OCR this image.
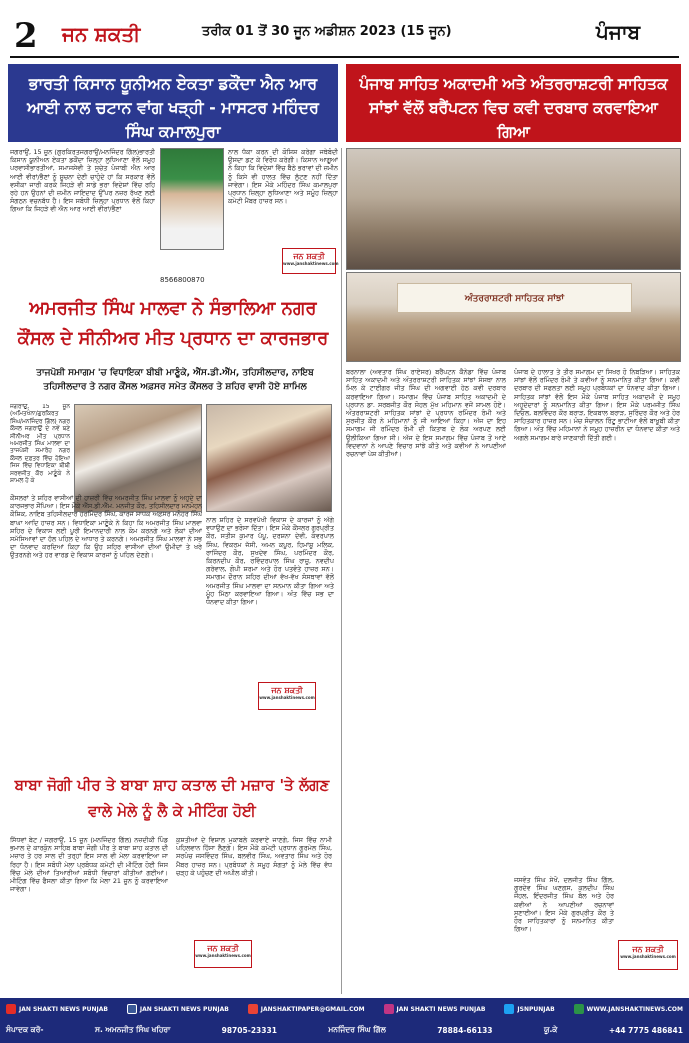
2 ਜਨ ਸ਼ਕਤੀ	ਤਰੀਕ 01 ਤੋਂ 30 ਜੂਨ ਅਡੀਸ਼ਨ 2023 (15 ਜੂਨ)	ਪੰਜਾਬ
ਭਾਰਤੀ ਕਿਸਾਨ ਯੂਨੀਅਨ ਏਕਤਾ ਡਕੌਂਦਾ ਐਨ ਆਰ ਆਈ ਨਾਲ ਚਟਾਨ ਵਾਂਗ ਖੜ੍ਹੀ - ਮਾਸਟਰ ਮਹਿੰਦਰ ਸਿੰਘ ਕਮਾਲਪੁਰਾ
ਜਗਰਾਉਂ, 15 ਜੂਨ (ਗੁਰਕਿਰਤਜਗਰਾਉਂ/ਮਨਜਿੰਦਰ ਗਿੱਲ)ਭਾਰਤੀ ਕਿਸਾਨ ਯੂਨੀਅਨ ਏਕਤਾ ਡਕੌਂਦਾ ਜ਼ਿਲ੍ਹਾ ਲੁਧਿਆਣਾ ਵੱਲੋਂ ਸਮੂਹ ਪਰਵਾਸੀਭਾਰਤੀਆਂ, ਸਮਾਜਸੇਵੀ ਤੇ ਸੁਚੇਤ ਪੰਜਾਬੀ ਐਨ ਆਰ ਆਈ ਵੀਰਾਂ/ਭੈਣਾਂ ਨੂੰ ਸੂਚਨਾ ਦੇਣੀ ਚਾਹੁੰਦੇ ਹਾਂ ਕਿ ਸਰਕਾਰ ਵੱਲੋਂ ਵਸੀਕਾ ਜਾਰੀ ਕਰਕੇ ਜਿਹੜੇ ਵੀ ਸਾਡੇ ਭਰਾ ਵਿਦੇਸ਼ਾਂ ਵਿੱਚ ਰਹਿ ਰਹੇ ਹਨ ਉਹਨਾਂ ਦੀ ਜ਼ਮੀਨ ਜਾਇਦਾਦ ਉੱਪਰ ਨਜ਼ਰ ਰੱਖਣ ਲਈ ਸੰਗਠਨ ਵਚਨਬੱਧ ਹੈ। ਇਸ ਸਬੰਧੀ ਜ਼ਿਲ੍ਹਾ ਪ੍ਰਧਾਨ ਵੱਲੋਂ ਕਿਹਾ ਗਿਆ ਕਿ ਜਿਹੜੇ ਵੀ ਐਨ ਆਰ ਆਈ ਵੀਰਾਂ/ਭੈਣਾਂ
ਨਾਲ ਧੱਕਾ ਕਰਨ ਦੀ ਕੋਸ਼ਿਸ਼ ਕਰੇਗਾ ਜਥੇਬੰਦੀ ਉਸਦਾ ਡਟ ਕੇ ਵਿਰੋਧ ਕਰੇਗੀ। ਕਿਸਾਨ ਆਗੂਆਂ ਨੇ ਕਿਹਾ ਕਿ ਵਿਦੇਸ਼ਾਂ ਵਿੱਚ ਬੈਠੇ ਭਰਾਵਾਂ ਦੀ ਜ਼ਮੀਨ ਨੂੰ ਕਿਸੇ ਵੀ ਹਾਲਤ ਵਿੱਚ ਲੁੱਟਣ ਨਹੀਂ ਦਿੱਤਾ ਜਾਵੇਗਾ। ਇਸ ਮੌਕੇ ਮਹਿੰਦਰ ਸਿੰਘ ਕਮਾਲਪੁਰਾ ਪ੍ਰਧਾਨ ਜ਼ਿਲ੍ਹਾ ਲੁਧਿਆਣਾ ਅਤੇ ਸਮੂੰਹ ਜ਼ਿਲ੍ਹਾ ਕਮੇਟੀ ਮੈਂਬਰ ਹਾਜ਼ਰ ਸਨ।
ਜਨ ਸ਼ਕਤੀ
www.janshaktinews.com
8566800870
ਪੰਜਾਬ ਸਾਹਿਤ ਅਕਾਦਮੀ ਅਤੇ ਅੰਤਰਰਾਸ਼ਟਰੀ ਸਾਹਿਤਕ ਸਾਂਝਾਂ ਵੱਲੋਂ ਬਰੈਂਪਟਨ ਵਿਚ ਕਵੀ ਦਰਬਾਰ ਕਰਵਾਇਆ ਗਿਆ
ਅੰਤਰਰਾਸ਼ਟਰੀ ਸਾਹਿਤਕ ਸਾਂਝਾਂ
ਅਮਰਜੀਤ ਸਿੰਘ ਮਾਲਵਾ ਨੇ ਸੰਭਾਲਿਆ ਨਗਰ ਕੌਂਸਲ ਦੇ ਸੀਨੀਅਰ ਮੀਤ ਪ੍ਰਧਾਨ ਦਾ ਕਾਰਜਭਾਰ
ਤਾਜਪੋਸ਼ੀ ਸਮਾਗਮ 'ਚ ਵਿਧਾਇਕਾ ਬੀਬੀ ਮਾਣੂੰਕੇ, ਐੱਸ.ਡੀ.ਐੱਮ, ਤਹਿਸੀਲਦਾਰ, ਨਾਇਬ ਤਹਿਸੀਲਦਾਰ ਤੇ ਨਗਰ ਕੌਂਸਲ ਅਫ਼ਸਰ ਸਮੇਤ ਕੌਂਸਲਰ ਤੇ ਸ਼ਹਿਰ ਵਾਸੀ ਹੋਏ ਸ਼ਾਮਿਲ
ਜਗਰਾਉਂ, 15 ਜੂਨ (ਅਮਿਤਖੰਨਾ/ਗੁਰਕਿਰਤ ਸਿੰਘ/ਮਨਜਿੰਦਰ ਗਿੱਲ) ਨਗਰ ਕੌਂਸਲ ਜਗਰਾਉਂ ਦੇ ਨਵੇਂ ਬਣੇ ਸੀਨੀਅਰ ਮੀਤ ਪ੍ਰਧਾਨ ਅਮਰਜੀਤ ਸਿੰਘ ਮਾਲਵਾ ਦਾ ਤਾਜਪੋਸ਼ੀ ਸਮਾਰੋਹ ਨਗਰ ਕੌਂਸਲ ਦਫ਼ਤਰ ਵਿੱਚ ਹੋਇਆ ਜਿਸ ਵਿੱਚ ਵਿਧਾਇਕਾ ਬੀਬੀ ਸਰਵਜੀਤ ਕੌਰ ਮਾਣੂੰਕੇ ਨੇ ਸ਼ਾਮਲ ਹੋ ਕੇ
ਕੌਂਸਲਰਾਂ ਤੇ ਸ਼ਹਿਰ ਵਾਸੀਆਂ ਦੀ ਹਾਜ਼ਰੀ ਵਿੱਚ ਅਮਰਜੀਤ ਸਿੰਘ ਮਾਲਵਾ ਨੂੰ ਅਹੁਦੇ ਦਾ ਕਾਰਜਭਾਰ ਸੌਂਪਿਆ। ਇਸ ਮੌਕੇ ਐੱਸ.ਡੀ.ਐੱਮ. ਮਨਜੀਤ ਕੌਰ, ਤਹਿਸੀਲਦਾਰ ਮਨਮੋਹਨ ਕੌਸ਼ਿਕ, ਨਾਇਬ ਤਹਿਸੀਲਦਾਰ ਹਰਮਿੰਦਰ ਸਿੰਘ, ਕਾਰਜ ਸਾਧਕ ਅਫ਼ਸਰ ਮਨੋਹਰ ਸਿੰਘ ਬਾਘਾ ਆਦਿ ਹਾਜ਼ਰ ਸਨ। ਵਿਧਾਇਕਾ ਮਾਣੂੰਕੇ ਨੇ ਕਿਹਾ ਕਿ ਅਮਰਜੀਤ ਸਿੰਘ ਮਾਲਵਾ ਸ਼ਹਿਰ ਦੇ ਵਿਕਾਸ ਲਈ ਪੂਰੀ ਇਮਾਨਦਾਰੀ ਨਾਲ ਕੰਮ ਕਰਨਗੇ ਅਤੇ ਲੋਕਾਂ ਦੀਆਂ ਸਮੱਸਿਆਵਾਂ ਦਾ ਹੱਲ ਪਹਿਲ ਦੇ ਆਧਾਰ ਤੇ ਕਰਨਗੇ। ਅਮਰਜੀਤ ਸਿੰਘ ਮਾਲਵਾ ਨੇ ਸਭ ਦਾ ਧੰਨਵਾਦ ਕਰਦਿਆਂ ਕਿਹਾ ਕਿ ਉਹ ਸ਼ਹਿਰ ਵਾਸੀਆਂ ਦੀਆਂ ਉਮੀਦਾਂ ਤੇ ਖਰੇ ਉਤਰਨਗੇ ਅਤੇ ਹਰ ਵਾਰਡ ਦੇ ਵਿਕਾਸ ਕਾਰਜਾਂ ਨੂੰ ਪਹਿਲ ਦੇਣਗੇ।
ਨਾਲ ਸ਼ਹਿਰ ਦੇ ਸਰਵਪੱਖੀ ਵਿਕਾਸ ਦੇ ਕਾਰਜਾਂ ਨੂੰ ਅੱਗੇ ਵਧਾਉਣ ਦਾ ਭਰੋਸਾ ਦਿੱਤਾ। ਇਸ ਮੌਕੇ ਕੌਂਸਲਰ ਗੁਰਪ੍ਰੀਤ ਕੌਰ, ਸਤੀਸ਼ ਕੁਮਾਰ ਪੱਪੂ, ਦਰਸ਼ਨਾ ਦੇਵੀ, ਕੰਵਰਪਾਲ ਸਿੰਘ, ਵਿਕਰਮ ਜੱਸੀ, ਅਮਨ ਕਪੂਰ, ਹਿਮਾਂਸ਼ੂ ਮਲਿਕ, ਰਾਜਿੰਦਰ ਕੌਰ, ਸੁਖਦੇਵ ਸਿੰਘ, ਪਰਮਿੰਦਰ ਕੌਰ, ਕਿਰਨਦੀਪ ਕੌਰ, ਰਵਿੰਦਰਪਾਲ ਸਿੰਘ ਰਾਜੂ, ਨਵਦੀਪ ਗਰੇਵਾਲ, ਗੋਪੀ ਸ਼ਰਮਾ ਅਤੇ ਹੋਰ ਪਤਵੰਤੇ ਹਾਜ਼ਰ ਸਨ। ਸਮਾਗਮ ਦੌਰਾਨ ਸ਼ਹਿਰ ਦੀਆਂ ਵੱਖ-ਵੱਖ ਸੰਸਥਾਵਾਂ ਵੱਲੋਂ ਅਮਰਜੀਤ ਸਿੰਘ ਮਾਲਵਾ ਦਾ ਸਨਮਾਨ ਕੀਤਾ ਗਿਆ ਅਤੇ ਮੂੰਹ ਮਿੱਠਾ ਕਰਵਾਇਆ ਗਿਆ। ਅੰਤ ਵਿੱਚ ਸਭ ਦਾ ਧੰਨਵਾਦ ਕੀਤਾ ਗਿਆ।
ਜਨ ਸ਼ਕਤੀ
www.janshaktinews.com
ਬਰਨਾਲਾ (ਅਵਤਾਰ ਸਿੰਘ ਰਾਏਸਰ) ਬਰੈਂਪਟਨ ਕੈਨੇਡਾ ਵਿੱਚ ਪੰਜਾਬ ਸਾਹਿਤ ਅਕਾਦਮੀ ਅਤੇ ਅੰਤਰਰਾਸ਼ਟਰੀ ਸਾਹਿਤਕ ਸਾਂਝਾਂ ਸੰਸਥਾ ਨਾਲ ਮਿਲ ਕੇ ਟਾਈਗਰ ਜੀਤ ਸਿੰਘ ਦੀ ਅਗਵਾਈ ਹੇਠ ਕਵੀ ਦਰਬਾਰ ਕਰਵਾਇਆ ਗਿਆ। ਸਮਾਗਮ ਵਿੱਚ ਪੰਜਾਬ ਸਾਹਿਤ ਅਕਾਦਮੀ ਦੇ ਪ੍ਰਧਾਨ ਡਾ. ਸਰਬਜੀਤ ਕੌਰ ਸੋਹਲ ਮੁੱਖ ਮਹਿਮਾਨ ਵਜੋਂ ਸ਼ਾਮਲ ਹੋਏ। ਅੰਤਰਰਾਸ਼ਟਰੀ ਸਾਹਿਤਕ ਸਾਂਝਾਂ ਦੇ ਪ੍ਰਧਾਨ ਰਮਿੰਦਰ ਰੰਮੀ ਅਤੇ ਸੁਰਜੀਤ ਕੌਰ ਨੇ ਮਹਿਮਾਨਾਂ ਨੂੰ ਜੀ ਆਇਆਂ ਕਿਹਾ। ਅੱਜ ਦਾ ਇਹ ਸਮਾਗਮ ਜੀ ਰਮਿੰਦਰ ਰੰਮੀ ਦੀ ਕਿਤਾਬ ਦੇ ਲੋਕ ਅਰਪਣ ਲਈ ਉਲੀਕਿਆ ਗਿਆ ਸੀ। ਅੱਜ ਦੇ ਇਸ ਸਮਾਗਮ ਵਿੱਚ ਪੰਜਾਬ ਤੋਂ ਆਏ ਵਿਦਵਾਨਾਂ ਨੇ ਆਪਣੇ ਵਿਚਾਰ ਸਾਂਝੇ ਕੀਤੇ ਅਤੇ ਕਵੀਆਂ ਨੇ ਆਪਣੀਆਂ ਰਚਨਾਵਾਂ ਪੇਸ਼ ਕੀਤੀਆਂ।
ਪੰਜਾਬ ਦੇ ਹਾਲਾਤ ਤੇ ਤੀਰ ਸਮਾਗਮ ਦਾ ਸਿਖਰ ਹੋ ਨਿਬੜਿਆ। ਸਾਹਿਤਕ ਸਾਂਝਾਂ ਵੱਲੋਂ ਰਮਿੰਦਰ ਰੰਮੀ ਤੇ ਕਵੀਆਂ ਨੂੰ ਸਨਮਾਨਿਤ ਕੀਤਾ ਗਿਆ। ਕਵੀ ਦਰਬਾਰ ਦੀ ਸਫਲਤਾ ਲਈ ਸਮੂਹ ਪ੍ਰਬੰਧਕਾਂ ਦਾ ਧੰਨਵਾਦ ਕੀਤਾ ਗਿਆ। ਸਾਹਿਤਕ ਸਾਂਝਾਂ ਵੱਲੋਂ ਇਸ ਮੌਕੇ ਪੰਜਾਬ ਸਾਹਿਤ ਅਕਾਦਮੀ ਦੇ ਸਮੂਹ ਅਹੁਦੇਦਾਰਾਂ ਨੂੰ ਸਨਮਾਨਿਤ ਕੀਤਾ ਗਿਆ। ਇਸ ਮੌਕੇ ਪਰਮਜੀਤ ਸਿੰਘ ਦਿਓਲ, ਬਲਵਿੰਦਰ ਕੌਰ ਬਰਾੜ, ਇਕਬਾਲ ਬਰਾੜ, ਸੁਰਿੰਦਰ ਕੌਰ ਅਤੇ ਹੋਰ ਸਾਹਿਤਕਾਰ ਹਾਜ਼ਰ ਸਨ। ਮੰਚ ਸੰਚਾਲਨ ਰਿੰਟੂ ਭਾਟੀਆ ਵੱਲੋਂ ਬਾਖੂਬੀ ਕੀਤਾ ਗਿਆ। ਅੰਤ ਵਿੱਚ ਮਹਿਮਾਨਾਂ ਨੇ ਸਮੂਹ ਹਾਜ਼ਰੀਨ ਦਾ ਧੰਨਵਾਦ ਕੀਤਾ ਅਤੇ ਅਗਲੇ ਸਮਾਗਮ ਬਾਰੇ ਜਾਣਕਾਰੀ ਦਿੱਤੀ ਗਈ।
ਜਸਵੰਤ ਸਿੰਘ ਸੇਖੋਂ, ਦਲਜੀਤ ਸਿੰਘ ਗਿੱਲ, ਗੁਰਦੇਵ ਸਿੰਘ ਘਣਗਸ, ਕੁਲਦੀਪ ਸਿੰਘ ਜੌਹਲ, ਇੰਦਰਜੀਤ ਸਿੰਘ ਬੱਲ ਅਤੇ ਹੋਰ ਕਵੀਆਂ ਨੇ ਆਪਣੀਆਂ ਰਚਨਾਵਾਂ ਸੁਣਾਈਆਂ। ਇਸ ਮੌਕੇ ਗੁਰਪ੍ਰੀਤ ਕੌਰ ਤੇ ਹੋਰ ਸਾਹਿਤਕਾਰਾਂ ਨੂੰ ਸਨਮਾਨਿਤ ਕੀਤਾ ਗਿਆ।
ਜਨ ਸ਼ਕਤੀ
www.janshaktinews.com
ਬਾਬਾ ਜੋਗੀ ਪੀਰ ਤੇ ਬਾਬਾ ਸ਼ਾਹ ਕਤਾਲ ਦੀ ਮਜ਼ਾਰ 'ਤੇ ਲੱਗਣ ਵਾਲੇ ਮੇਲੇ ਨੂੰ ਲੈ ਕੇ ਮੀਟਿੰਗ ਹੋਈ
ਸਿੱਧਵਾਂ ਬੇਟ / ਜਗਰਾਉਂ, 15 ਜੂਨ (ਮਨਜਿੰਦਰ ਗਿੱਲ) ਨਜ਼ਦੀਕੀ ਪਿੰਡ ਭਮਾਲ ਦੇ ਕਾਰਕੁੰਨ ਸਾਹਿਬ ਬਾਬਾ ਜੋਗੀ ਪੀਰ ਤੇ ਬਾਬਾ ਸ਼ਾਹ ਕਤਾਲ ਦੀ ਮਜ਼ਾਰ ਤੇ ਹਰ ਸਾਲ ਦੀ ਤਰ੍ਹਾਂ ਇਸ ਸਾਲ ਵੀ ਮੇਲਾ ਕਰਵਾਇਆ ਜਾ ਰਿਹਾ ਹੈ। ਇਸ ਸਬੰਧੀ ਮੇਲਾ ਪ੍ਰਬੰਧਕ ਕਮੇਟੀ ਦੀ ਮੀਟਿੰਗ ਹੋਈ ਜਿਸ ਵਿੱਚ ਮੇਲੇ ਦੀਆਂ ਤਿਆਰੀਆਂ ਸਬੰਧੀ ਵਿਚਾਰਾਂ ਕੀਤੀਆਂ ਗਈਆਂ। ਮੀਟਿੰਗ ਵਿੱਚ ਫੈਸਲਾ ਕੀਤਾ ਗਿਆ ਕਿ ਮੇਲਾ 21 ਜੂਨ ਨੂੰ ਕਰਵਾਇਆ ਜਾਵੇਗਾ।
ਕੁਸ਼ਤੀਆਂ ਦੇ ਵਿਸ਼ਾਲ ਮੁਕਾਬਲੇ ਕਰਵਾਏ ਜਾਣਗੇ, ਜਿਸ ਵਿੱਚ ਨਾਮੀ ਪਹਿਲਵਾਨ ਹਿੱਸਾ ਲੈਣਗੇ। ਇਸ ਮੌਕੇ ਕਮੇਟੀ ਪ੍ਰਧਾਨ ਗੁਰਮੇਲ ਸਿੰਘ, ਸਰਪੰਚ ਜਸਵਿੰਦਰ ਸਿੰਘ, ਬਲਵੀਰ ਸਿੰਘ, ਅਵਤਾਰ ਸਿੰਘ ਅਤੇ ਹੋਰ ਮੈਂਬਰ ਹਾਜ਼ਰ ਸਨ। ਪ੍ਰਬੰਧਕਾਂ ਨੇ ਸਮੂਹ ਸੰਗਤਾਂ ਨੂੰ ਮੇਲੇ ਵਿੱਚ ਵੱਧ ਚੜ੍ਹ ਕੇ ਪਹੁੰਚਣ ਦੀ ਅਪੀਲ ਕੀਤੀ।
ਜਨ ਸ਼ਕਤੀ
www.janshaktinews.com
JAN SHAKTI NEWS PUNJAB	JAN SHAKTI NEWS PUNJAB	JANSHAKTIPAPER@GMAIL.COM	JAN SHAKTI NEWS PUNJAB	JSNPUNJAB	WWW.JANSHAKTINEWS.COM
ਸੰਪਾਦਕ ਕਰੋ-	ਸ. ਅਮਨਜੀਤ ਸਿੰਘ ਖਹਿਰਾ	98705-23331	ਮਨਜਿੰਦਰ ਸਿੰਘ ਗਿੱਲ	78884-66133	ਯੂ.ਕੇ	+44 7775 486841
